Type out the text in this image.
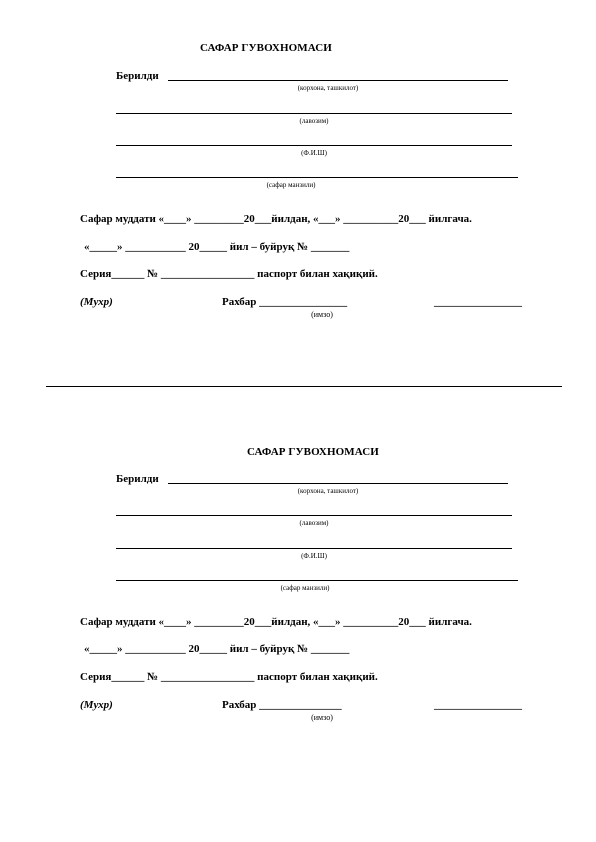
САФАР ГУВОХНОМАСИ
Берилди
(корхона, ташкилот)
(лавозим)
(Ф.И.Ш)
(сафар манзили)
Сафар муддати «____» _________20___йилдан, «___» __________20___ йилгача.
«_____» ___________ 20_____ йил – буйруқ № _______
Серия______ № _________________ паспорт билан хақиқий.
(Мухр)	Рахбар ________________	________________
(имзо)
САФАР ГУВОХНОМАСИ
Берилди
(корхона, ташкилот)
(лавозим)
(Ф.И.Ш)
(сафар манзили)
Сафар муддати «____» _________20___йилдан, «___» __________20___ йилгача.
«_____» ___________ 20_____ йил – буйруқ № _______
Серия______ № _________________ паспорт билан хақиқий.
(Мухр)	Рахбар _______________	________________
(имзо)
